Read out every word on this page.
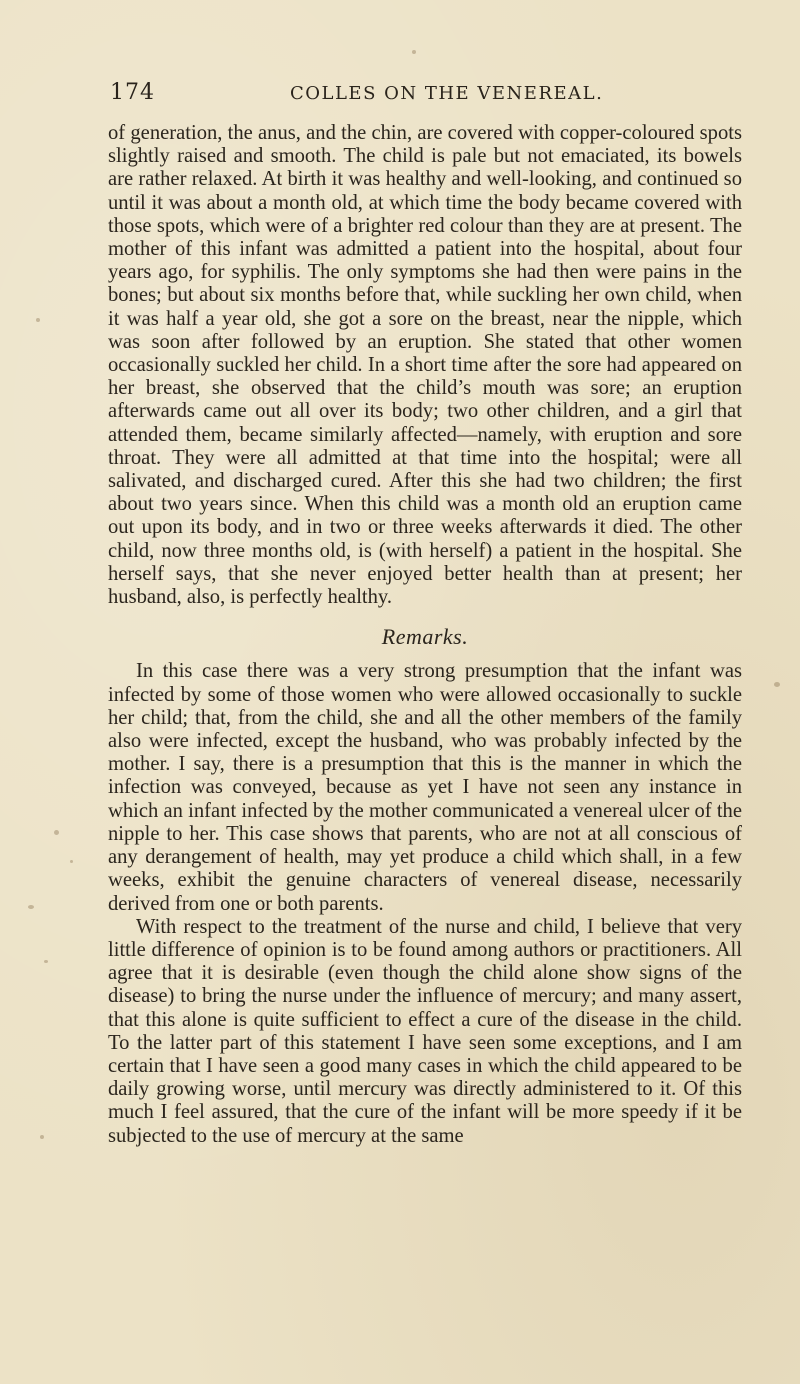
174	COLLES ON THE VENEREAL.

of generation, the anus, and the chin, are covered with copper-coloured spots slightly raised and smooth. The child is pale but not emaciated, its bowels are rather relaxed. At birth it was healthy and well-looking, and continued so until it was about a month old, at which time the body became covered with those spots, which were of a brighter red colour than they are at present. The mother of this infant was admitted a patient into the hospital, about four years ago, for syphilis. The only symptoms she had then were pains in the bones; but about six months before that, while suckling her own child, when it was half a year old, she got a sore on the breast, near the nipple, which was soon after followed by an eruption. She stated that other women occasionally suckled her child. In a short time after the sore had appeared on her breast, she observed that the child’s mouth was sore; an eruption afterwards came out all over its body; two other children, and a girl that attended them, became similarly affected—namely, with eruption and sore throat. They were all admitted at that time into the hospital; were all salivated, and discharged cured. After this she had two children; the first about two years since. When this child was a month old an eruption came out upon its body, and in two or three weeks afterwards it died. The other child, now three months old, is (with herself) a patient in the hospital. She herself says, that she never enjoyed better health than at present; her husband, also, is perfectly healthy.

Remarks.

In this case there was a very strong presumption that the infant was infected by some of those women who were allowed occasionally to suckle her child; that, from the child, she and all the other members of the family also were infected, except the husband, who was probably infected by the mother. I say, there is a presumption that this is the manner in which the infection was conveyed, because as yet I have not seen any instance in which an infant infected by the mother communicated a venereal ulcer of the nipple to her. This case shows that parents, who are not at all conscious of any derangement of health, may yet produce a child which shall, in a few weeks, exhibit the genuine characters of venereal disease, necessarily derived from one or both parents.

With respect to the treatment of the nurse and child, I believe that very little difference of opinion is to be found among authors or practitioners. All agree that it is desirable (even though the child alone show signs of the disease) to bring the nurse under the influence of mercury; and many assert, that this alone is quite sufficient to effect a cure of the disease in the child. To the latter part of this statement I have seen some exceptions, and I am certain that I have seen a good many cases in which the child appeared to be daily growing worse, until mercury was directly administered to it. Of this much I feel assured, that the cure of the infant will be more speedy if it be subjected to the use of mercury at the same
